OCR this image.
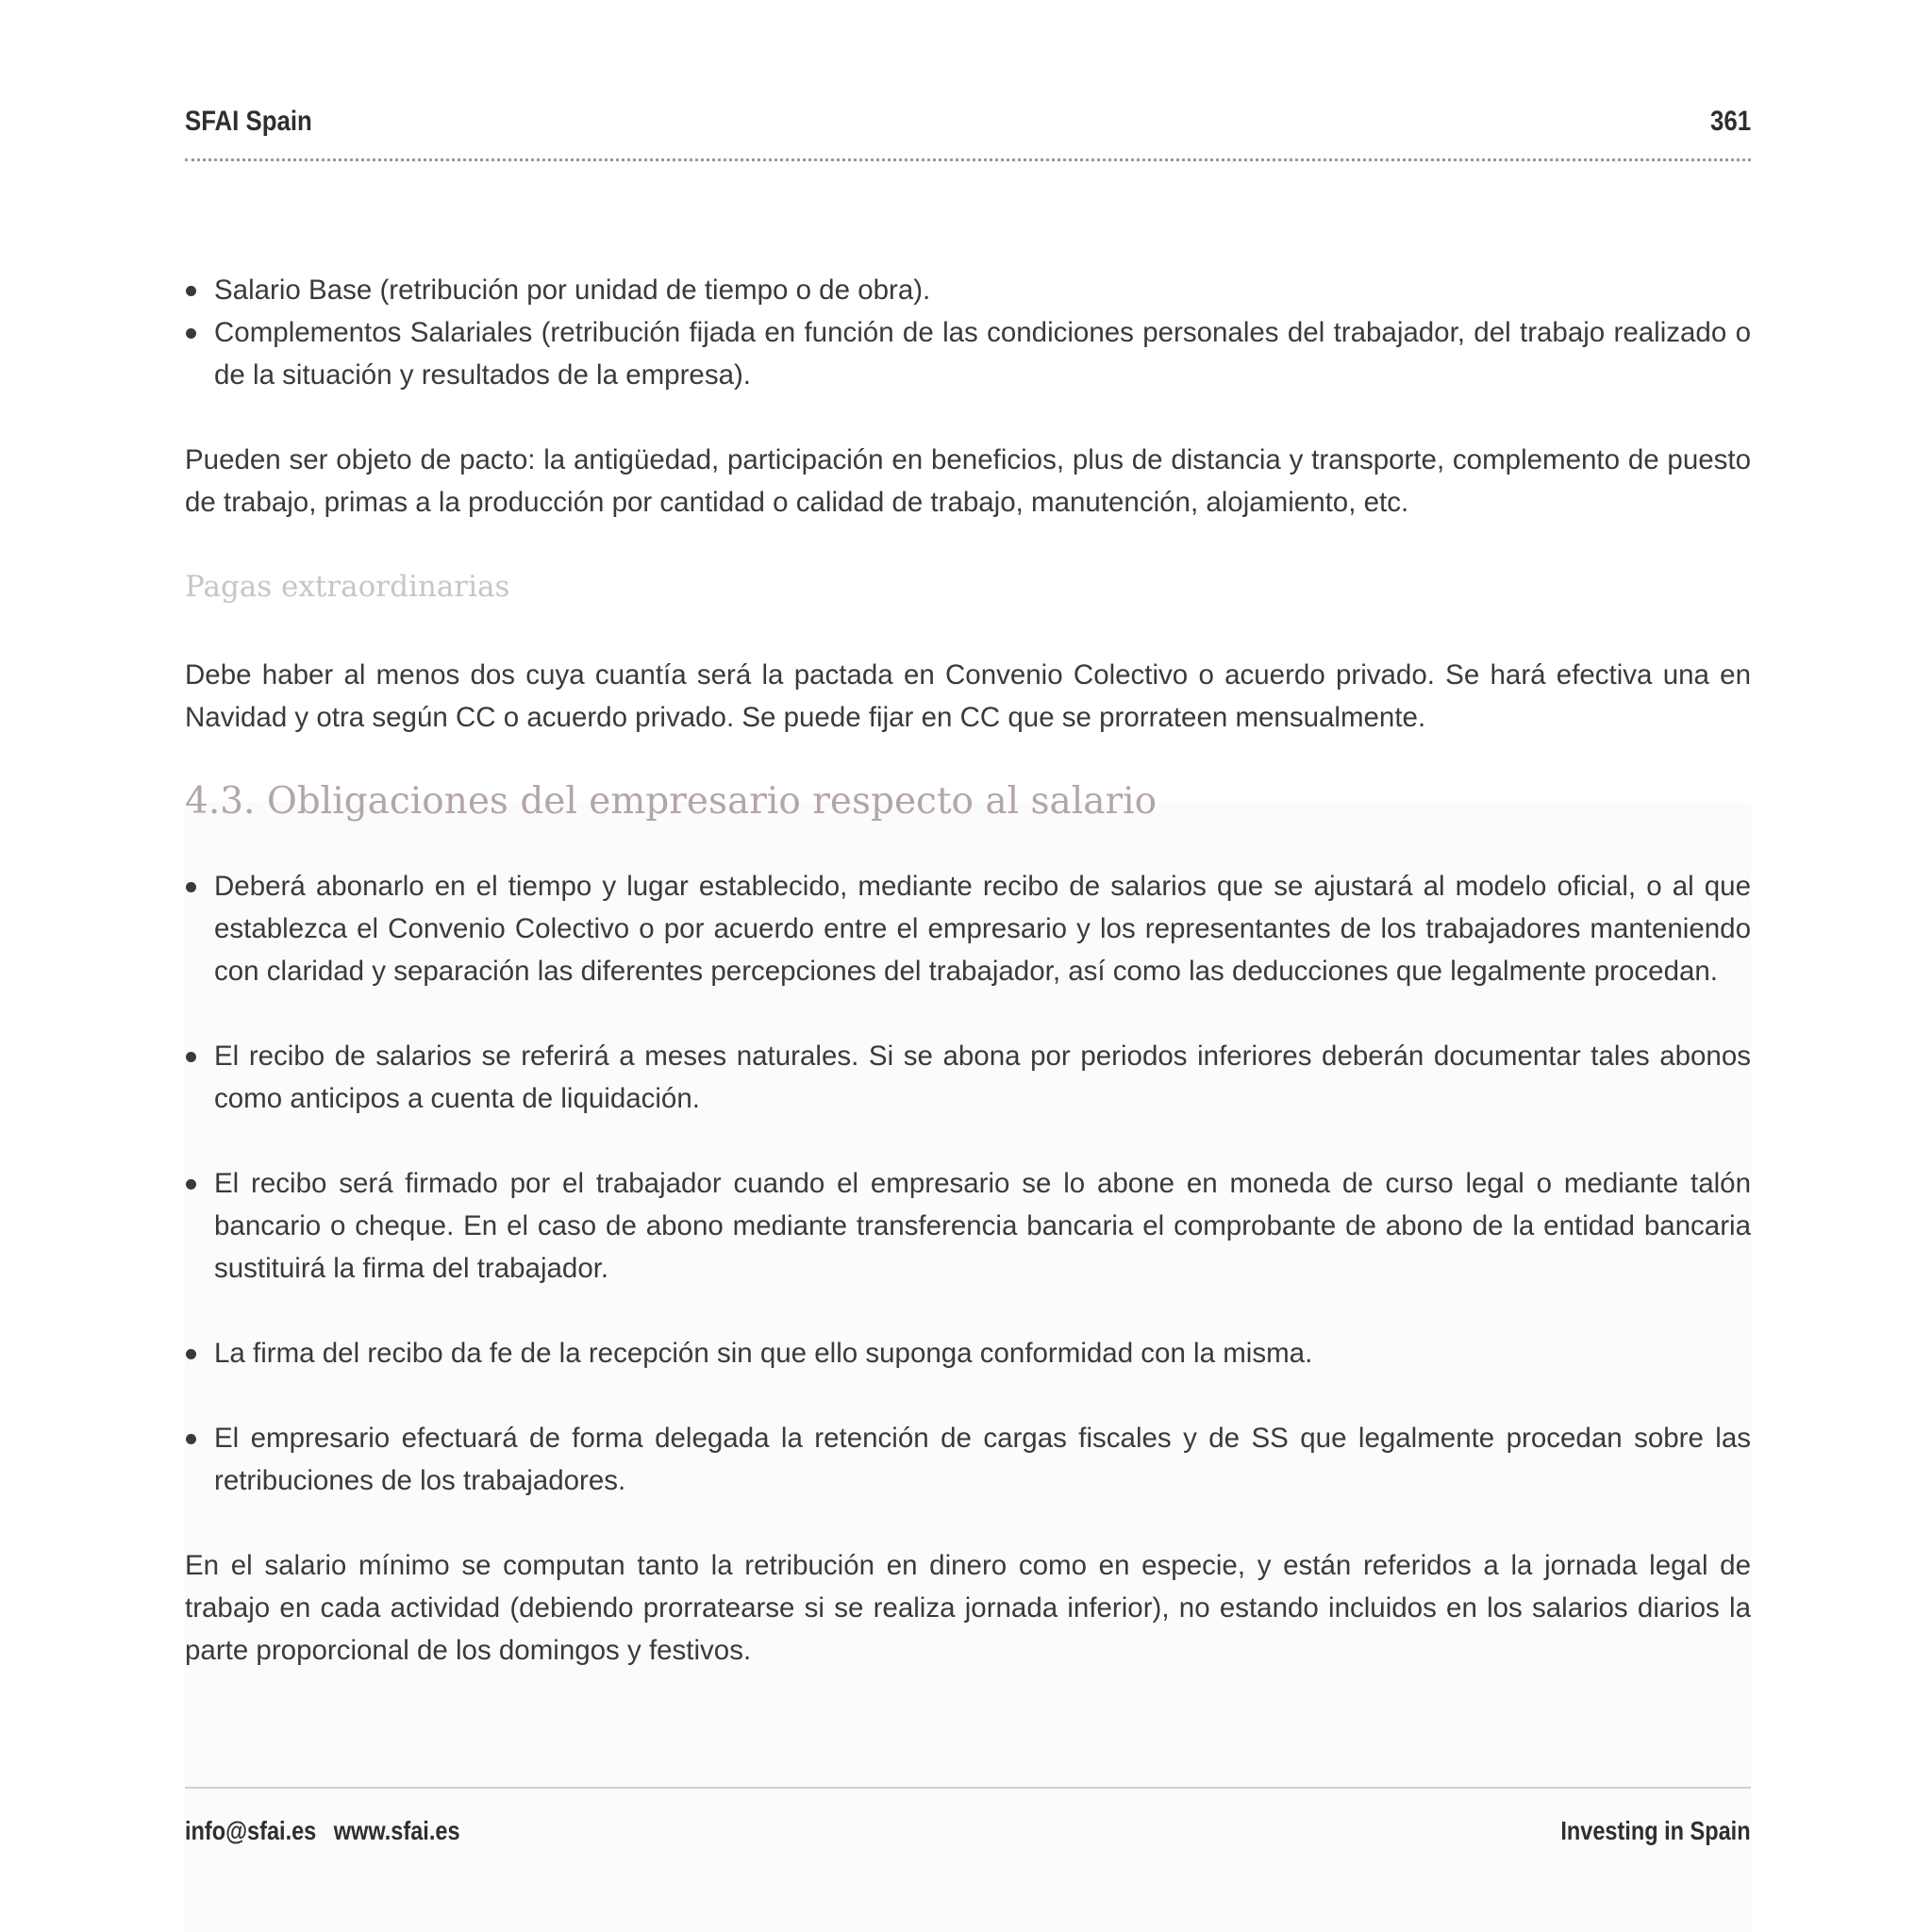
SFAI Spain	361
Salario Base (retribución por unidad de tiempo o de obra).
Complementos Salariales (retribución fijada en función de las condiciones personales del trabajador, del trabajo realizado o de la situación y resultados de la empresa).

Pueden ser objeto de pacto: la antigüedad, participación en beneficios, plus de distancia y transporte, complemento de puesto de trabajo, primas a la producción por cantidad o calidad de trabajo, manutención, alojamiento, etc.

Pagas extraordinarias

Debe haber al menos dos cuya cuantía será la pactada en Convenio Colectivo o acuerdo privado. Se hará efectiva una en Navidad y otra según CC o acuerdo privado. Se puede fijar en CC que se prorrateen mensualmente.

4.3. Obligaciones del empresario respecto al salario
Deberá abonarlo en el tiempo y lugar establecido, mediante recibo de salarios que se ajustará al modelo oficial, o al que establezca el Convenio Colectivo o por acuerdo entre el empresario y los representantes de los trabajadores manteniendo con claridad y separación las diferentes percepciones del trabajador, así como las deducciones que legalmente procedan.
El recibo de salarios se referirá a meses naturales. Si se abona por periodos inferiores deberán documentar tales abonos como anticipos a cuenta de liquidación.
El recibo será firmado por el trabajador cuando el empresario se lo abone en moneda de curso legal o mediante talón bancario o cheque. En el caso de abono mediante transferencia bancaria el comprobante de abono de la entidad bancaria sustituirá la firma del trabajador.
La firma del recibo da fe de la recepción sin que ello suponga conformidad con la misma.
El empresario efectuará de forma delegada la retención de cargas fiscales y de SS que legalmente procedan sobre las retribuciones de los trabajadores.

En el salario mínimo se computan tanto la retribución en dinero como en especie, y están referidos a la jornada legal de trabajo en cada actividad (debiendo prorratearse si se realiza jornada inferior), no estando incluidos en los salarios diarios la parte proporcional de los domingos y festivos.

info@sfai.es www.sfai.es	Investing in Spain
